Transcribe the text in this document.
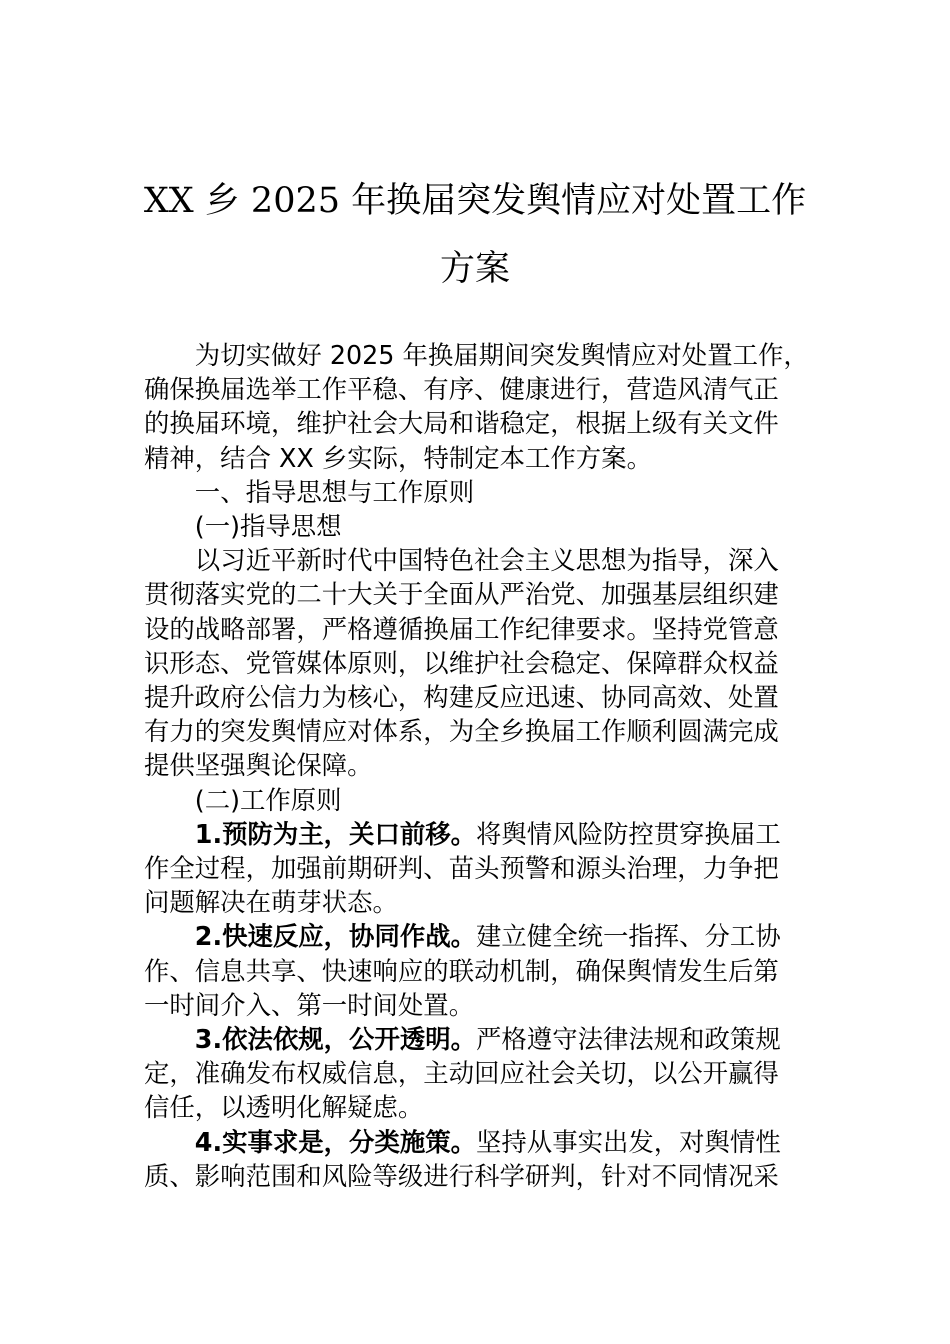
XX 乡 2025 年换届突发舆情应对处置工作
方案
为切实做好 2025 年换届期间突发舆情应对处置工作，
确保换届选举工作平稳、有序、健康进行，营造风清气正
的换届环境，维护社会大局和谐稳定，根据上级有关文件
精神，结合 XX 乡实际，特制定本工作方案。
一、指导思想与工作原则
(一)指导思想
以习近平新时代中国特色社会主义思想为指导，深入
贯彻落实党的二十大关于全面从严治党、加强基层组织建
设的战略部署，严格遵循换届工作纪律要求。坚持党管意
识形态、党管媒体原则，以维护社会稳定、保障群众权益
提升政府公信力为核心，构建反应迅速、协同高效、处置
有力的突发舆情应对体系，为全乡换届工作顺利圆满完成
提供坚强舆论保障。
(二)工作原则
1.预防为主，关口前移。将舆情风险防控贯穿换届工
作全过程，加强前期研判、苗头预警和源头治理，力争把
问题解决在萌芽状态。
2.快速反应，协同作战。建立健全统一指挥、分工协
作、信息共享、快速响应的联动机制，确保舆情发生后第
一时间介入、第一时间处置。
3.依法依规，公开透明。严格遵守法律法规和政策规
定，准确发布权威信息，主动回应社会关切，以公开赢得
信任，以透明化解疑虑。
4.实事求是，分类施策。坚持从事实出发，对舆情性
质、影响范围和风险等级进行科学研判，针对不同情况采
